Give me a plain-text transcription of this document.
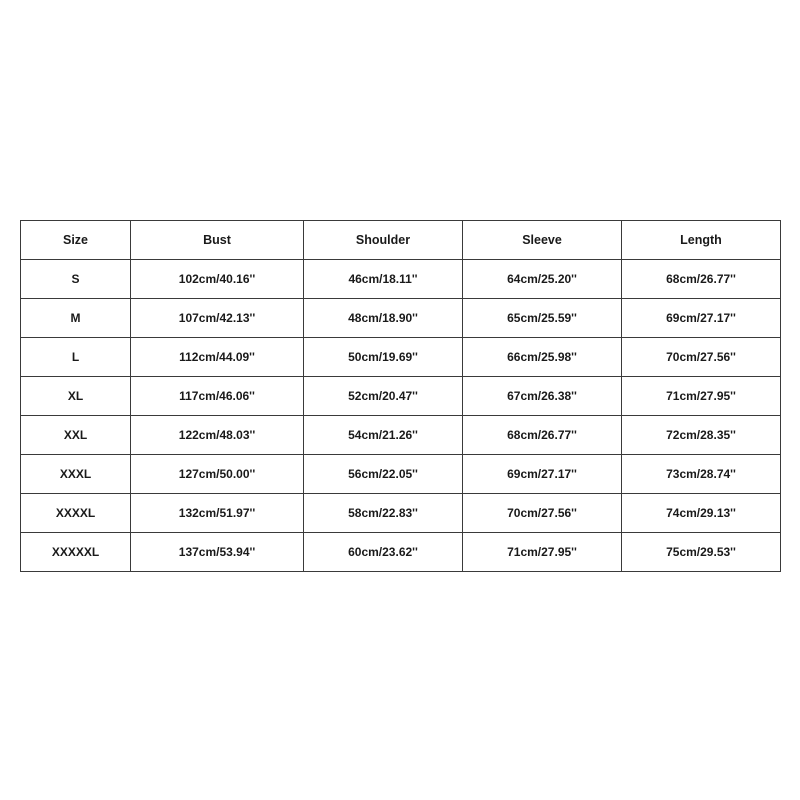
Size	Bust	Shoulder	Sleeve	Length
S	102cm/40.16''	46cm/18.11''	64cm/25.20''	68cm/26.77''
M	107cm/42.13''	48cm/18.90''	65cm/25.59''	69cm/27.17''
L	112cm/44.09''	50cm/19.69''	66cm/25.98''	70cm/27.56''
XL	117cm/46.06''	52cm/20.47''	67cm/26.38''	71cm/27.95''
XXL	122cm/48.03''	54cm/21.26''	68cm/26.77''	72cm/28.35''
XXXL	127cm/50.00''	56cm/22.05''	69cm/27.17''	73cm/28.74''
XXXXL	132cm/51.97''	58cm/22.83''	70cm/27.56''	74cm/29.13''
XXXXXL	137cm/53.94''	60cm/23.62''	71cm/27.95''	75cm/29.53''
